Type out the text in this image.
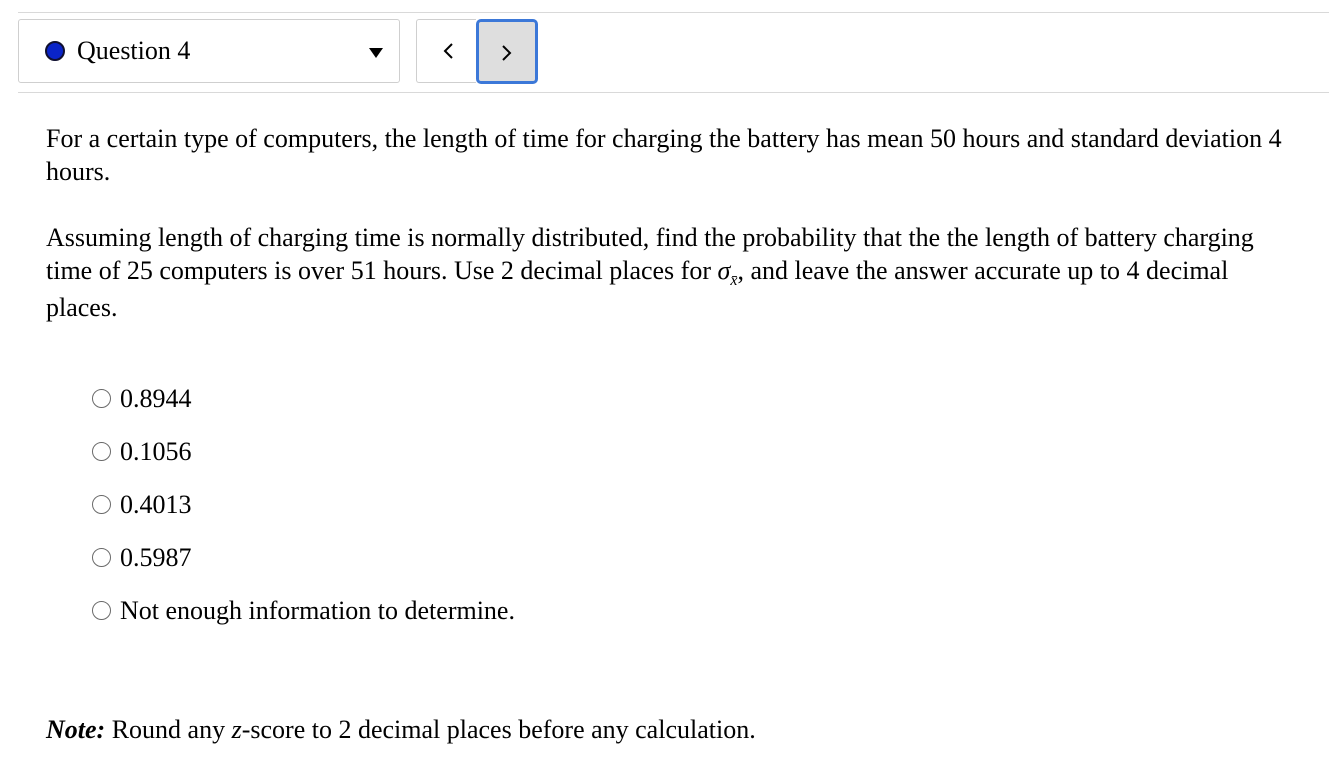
Question 4

For a certain type of computers, the length of time for charging the battery has mean 50 hours and standard deviation 4 hours.

Assuming length of charging time is normally distributed, find the probability that the the length of battery charging time of 25 computers is over 51 hours. Use 2 decimal places for $\sigma_{x̄}$, and leave the answer accurate up to 4 decimal places.

0.8944
0.1056
0.4013
0.5987
Not enough information to determine.
Note: Round any z-score to 2 decimal places before any calculation.
